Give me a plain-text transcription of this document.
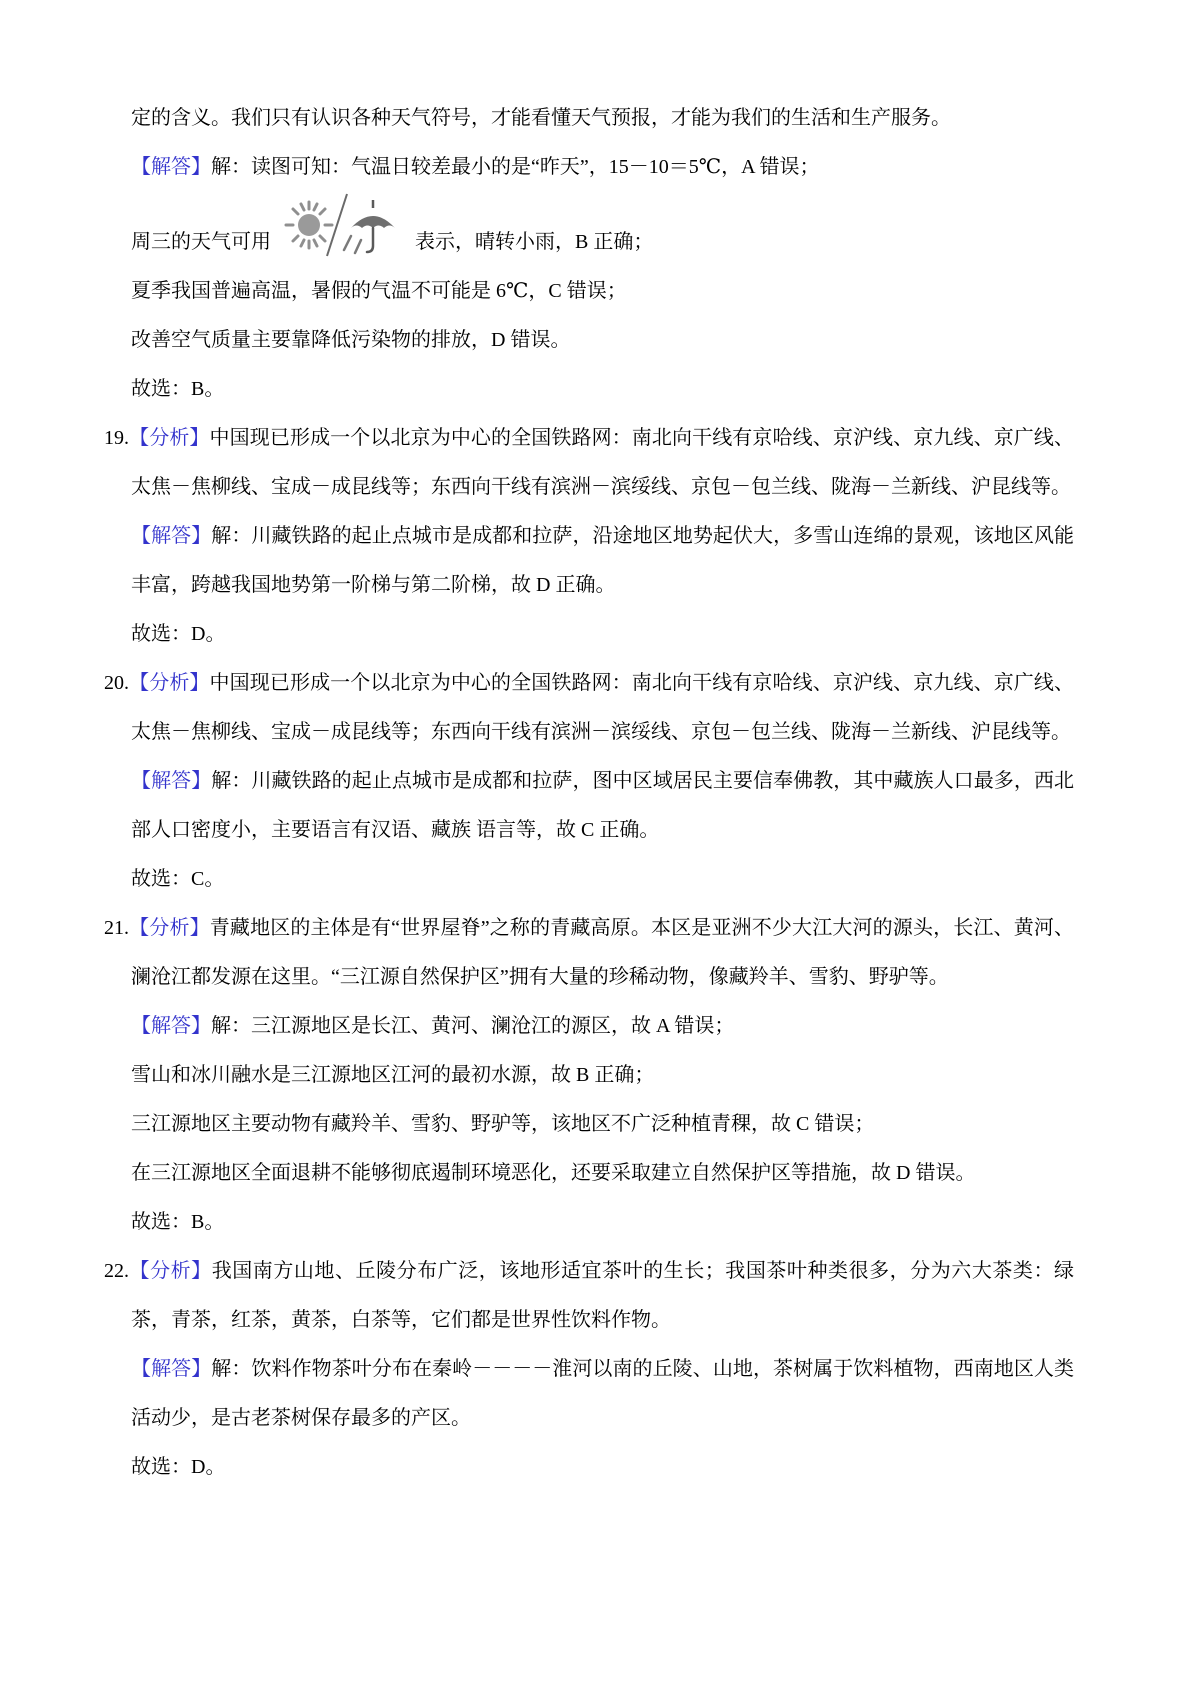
定的含义。我们只有认识各种天气符号，才能看懂天气预报，才能为我们的生活和生产服务。

【解答】解：读图可知：气温日较差最小的是“昨天”，15－10＝5℃，A 错误；

周三的天气可用	表示，晴转小雨，B 正确；

夏季我国普遍高温，暑假的气温不可能是 6℃，C 错误；

改善空气质量主要靠降低污染物的排放，D 错误。

故选：B。

19.【分析】中国现已形成一个以北京为中心的全国铁路网：南北向干线有京哈线、京沪线、京九线、京广线、太焦－焦柳线、宝成－成昆线等；东西向干线有滨洲－滨绥线、京包－包兰线、陇海－兰新线、沪昆线等。

【解答】解：川藏铁路的起止点城市是成都和拉萨，沿途地区地势起伏大，多雪山连绵的景观，该地区风能丰富，跨越我国地势第一阶梯与第二阶梯，故 D 正确。

故选：D。

20.【分析】中国现已形成一个以北京为中心的全国铁路网：南北向干线有京哈线、京沪线、京九线、京广线、太焦－焦柳线、宝成－成昆线等；东西向干线有滨洲－滨绥线、京包－包兰线、陇海－兰新线、沪昆线等。

【解答】解：川藏铁路的起止点城市是成都和拉萨，图中区域居民主要信奉佛教，其中藏族人口最多，西北部人口密度小，主要语言有汉语、藏族 语言等，故 C 正确。

故选：C。

21.【分析】青藏地区的主体是有“世界屋脊”之称的青藏高原。本区是亚洲不少大江大河的源头，长江、黄河、澜沧江都发源在这里。“三江源自然保护区”拥有大量的珍稀动物，像藏羚羊、雪豹、野驴等。

【解答】解：三江源地区是长江、黄河、澜沧江的源区，故 A 错误；

雪山和冰川融水是三江源地区江河的最初水源，故 B 正确；

三江源地区主要动物有藏羚羊、雪豹、野驴等，该地区不广泛种植青稞，故 C 错误；

在三江源地区全面退耕不能够彻底遏制环境恶化，还要采取建立自然保护区等措施，故 D 错误。

故选：B。

22.【分析】我国南方山地、丘陵分布广泛，该地形适宜茶叶的生长；我国茶叶种类很多，分为六大茶类：绿茶，青茶，红茶，黄茶，白茶等，它们都是世界性饮料作物。

【解答】解：饮料作物茶叶分布在秦岭－－－－淮河以南的丘陵、山地，茶树属于饮料植物，西南地区人类活动少，是古老茶树保存最多的产区。

故选：D。
